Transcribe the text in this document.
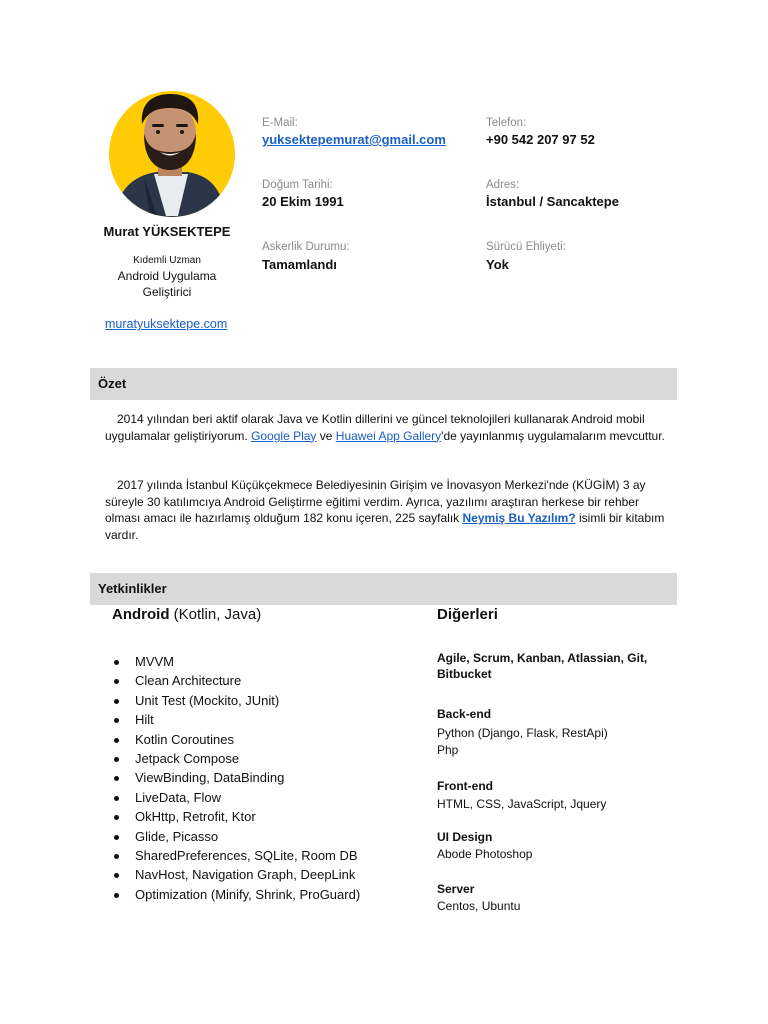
Murat YÜKSEKTEPE
Kıdemli Uzman
Android Uygulama
Geliştirici
muratyuksektepe.com
E-Mail:
yuksektepemurat@gmail.com
Telefon:
+90 542 207 97 52
Doğum Tarihi:
20 Ekim 1991
Adres:
İstanbul / Sancaktepe
Askerlik Durumu:
Tamamlandı
Sürücü Ehliyeti:
Yok
Özet
2014 yılından beri aktif olarak Java ve Kotlin dillerini ve güncel teknolojileri kullanarak Android mobil uygulamalar geliştiriyorum. Google Play ve Huawei App Gallery'de yayınlanmış uygulamalarım mevcuttur.
2017 yılında İstanbul Küçükçekmece Belediyesinin Girişim ve İnovasyon Merkezi'nde (KÜGİM) 3 ay süreyle 30 katılımcıya Android Geliştirme eğitimi verdim. Ayrıca, yazılımı araştıran herkese bir rehber olması amacı ile hazırlamış olduğum 182 konu içeren, 225 sayfalık Neymiş Bu Yazılım? isimli bir kitabım vardır.
Yetkinlikler
Android (Kotlin, Java)
MVVM
Clean Architecture
Unit Test (Mockito, JUnit)
Hilt
Kotlin Coroutines
Jetpack Compose
ViewBinding, DataBinding
LiveData, Flow
OkHttp, Retrofit, Ktor
Glide, Picasso
SharedPreferences, SQLite, Room DB
NavHost, Navigation Graph, DeepLink
Optimization (Minify, Shrink, ProGuard)
Diğerleri
Agile, Scrum, Kanban, Atlassian, Git, Bitbucket
Back-end
Python (Django, Flask, RestApi)
Php
Front-end
HTML, CSS, JavaScript, Jquery
UI Design
Abode Photoshop
Server
Centos, Ubuntu
